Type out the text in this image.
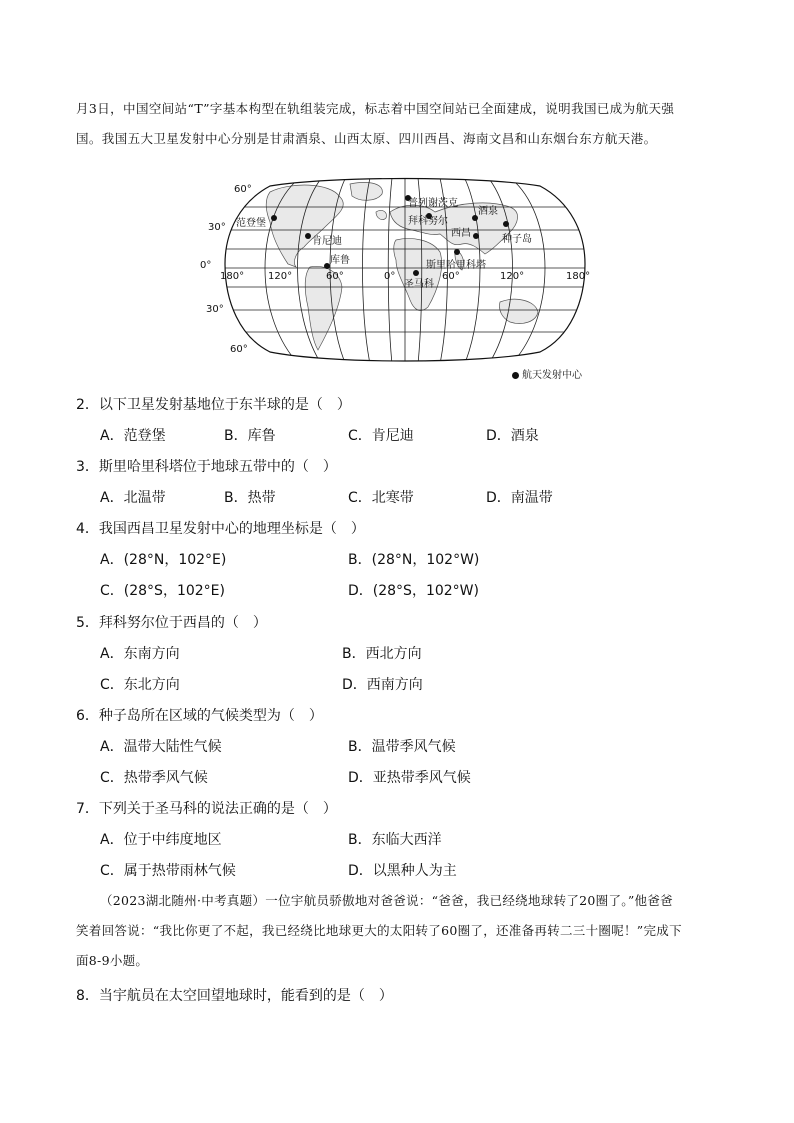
月3日，中国空间站“T”字基本构型在轨组装完成，标志着中国空间站已全面建成，说明我国已成为航天强

国。我国五大卫星发射中心分别是甘肃酒泉、山西太原、四川西昌、海南文昌和山东烟台东方航天港。

60°
30°
0°
30°
60°
180° 120°	60°	0°	60°	120°	180°
范登堡
肯尼迪
库鲁
普列谢茨克
拜科努尔
酒泉
西昌
种子岛
斯里哈里科塔
圣马科
航天发射中心
2．以下卫星发射基地位于东半球的是（　）
A．范登堡	B．库鲁	C．肯尼迪	D．酒泉
3．斯里哈里科塔位于地球五带中的（　）
A．北温带	B．热带	C．北寒带	D．南温带
4．我国西昌卫星发射中心的地理坐标是（　）
A．(28°N，102°E)	B．(28°N，102°W)
C．(28°S，102°E)	D．(28°S，102°W)
5．拜科努尔位于西昌的（　）
A．东南方向	B．西北方向
C．东北方向	D．西南方向
6．种子岛所在区域的气候类型为（　）
A．温带大陆性气候	B．温带季风气候
C．热带季风气候	D．亚热带季风气候
7．下列关于圣马科的说法正确的是（　）
A．位于中纬度地区	B．东临大西洋
C．属于热带雨林气候	D．以黑种人为主

（2023湖北随州·中考真题）一位宇航员骄傲地对爸爸说：“爸爸，我已经绕地球转了20圈了。”他爸爸

笑着回答说：“我比你更了不起，我已经绕比地球更大的太阳转了60圈了，还准备再转二三十圈呢！”完成下

面8-9小题。

8．当宇航员在太空回望地球时，能看到的是（　）
